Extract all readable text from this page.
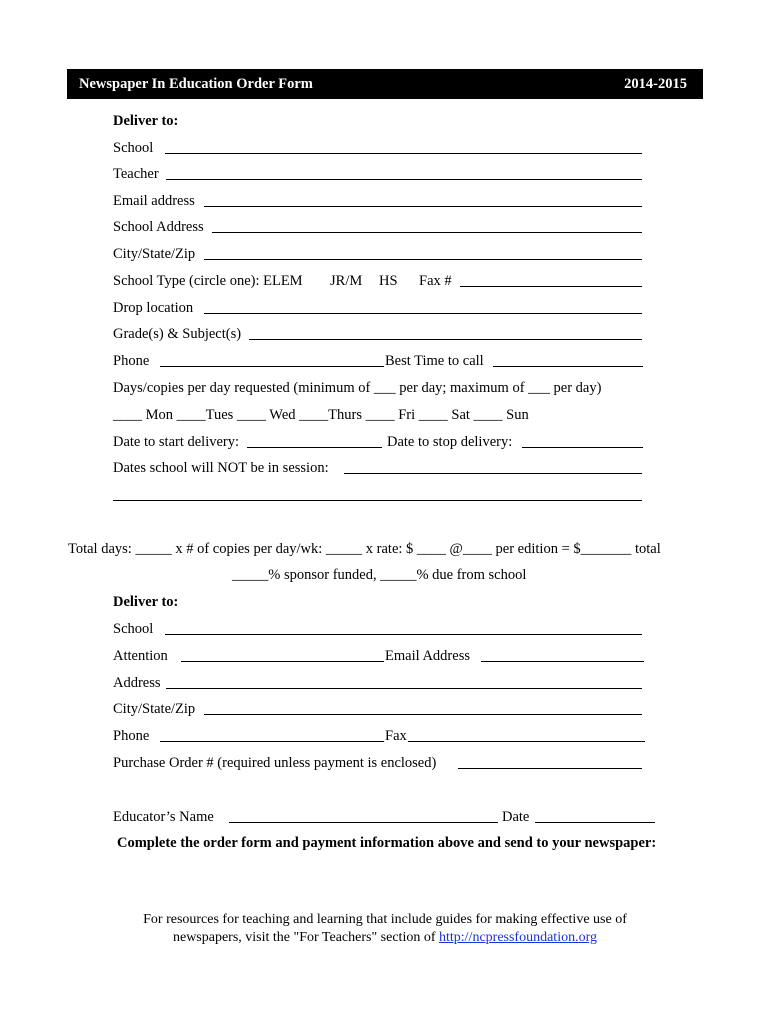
Newspaper In Education Order Form	2014-2015
Deliver to:
School
Teacher
Email address
School Address
City/State/Zip
School Type (circle one): ELEM JR/M HS Fax #
Drop location
Grade(s) & Subject(s)
Phone	Best Time to call
Days/copies per day requested (minimum of ___ per day; maximum of ___ per day)
____ Mon ____Tues ____ Wed ____Thurs ____ Fri ____ Sat ____ Sun
Date to start delivery:	Date to stop delivery:
Dates school will NOT be in session:
Total days: _____ x # of copies per day/wk: _____ x rate: $ ____ @____ per edition = $_______ total
_____% sponsor funded, _____% due from school
Deliver to:
School
Attention	Email Address
Address
City/State/Zip
Phone	Fax
Purchase Order # (required unless payment is enclosed)
Educator’s Name	Date
Complete the order form and payment information above and send to your newspaper:
For resources for teaching and learning that include guides for making effective use of
newspapers, visit the "For Teachers" section of http://ncpressfoundation.org
